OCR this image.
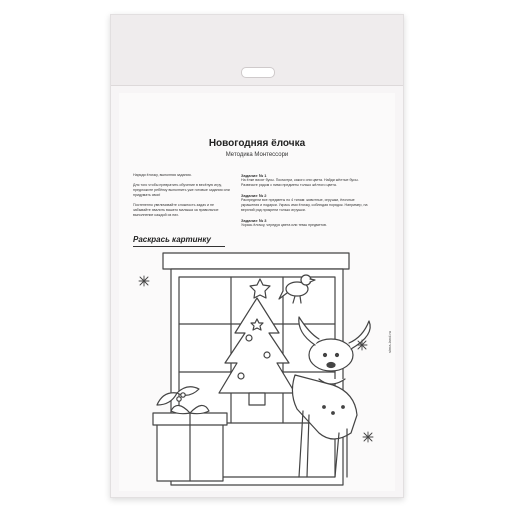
Новогодняя ёлочка
Методика Монтессори

Наряди ёлочку, выполняя задания.

Для того чтобы превратить обучение в весёлую игру, предложите ребёнку выполнить уже готовые задания или придумать свои!

Постепенно увеличивайте сложность задач и не забывайте хвалить вашего малыша за правильное выполнение каждой из них.

Задание № 1
На ёлке висят бусы. Посмотри, какого они цвета. Найди жёлтые бусы. Развесьте рядом с ними предметы только жёлтого цвета.
Задание № 2
Распредели все предметы по 4 типам: животные, игрушки, ёлочные украшения и подарки. Укрась ими ёлочку, соблюдая порядок. Например, на верхний ряд прикрепи только игрушки.
Задание № 3
Укрась ёлочку, чередуя цвета или темы предметов.
Раскрась картинку
sima-land.ru
